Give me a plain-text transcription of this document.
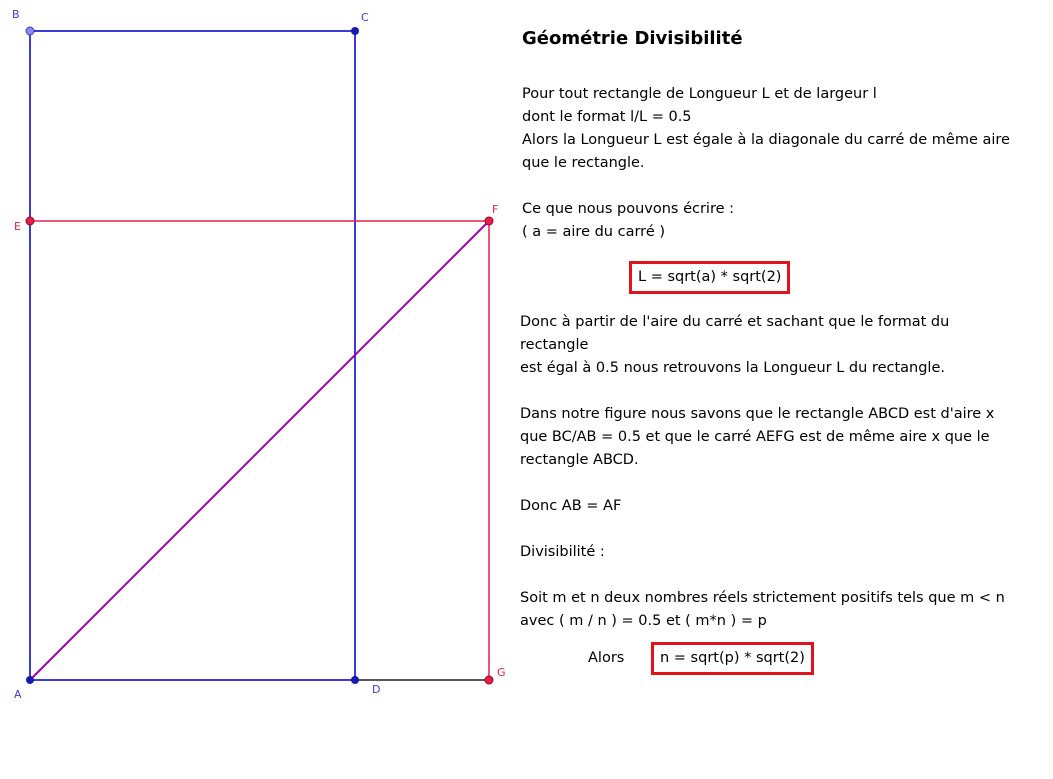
A
B	C
D
E
F
G
Géométrie Divisibilité
Pour tout rectangle de Longueur L et de largeur l
dont le format l/L = 0.5
Alors la Longueur L est égale à la diagonale du carré de même aire
que le rectangle.
Ce que nous pouvons écrire :
( a = aire du carré )
L = sqrt(a) * sqrt(2)
Donc à partir de l'aire du carré et sachant que le format du
rectangle
est égal à 0.5 nous retrouvons la Longueur L du rectangle.
Dans notre figure nous savons que le rectangle ABCD est d'aire x
que BC/AB = 0.5 et que le carré AEFG est de même aire x que le
rectangle ABCD.
Donc AB = AF
Divisibilité :
Soit m et n deux nombres réels strictement positifs tels que m < n
avec ( m / n ) = 0.5 et ( m*n ) = p
Alors	n = sqrt(p) * sqrt(2)
